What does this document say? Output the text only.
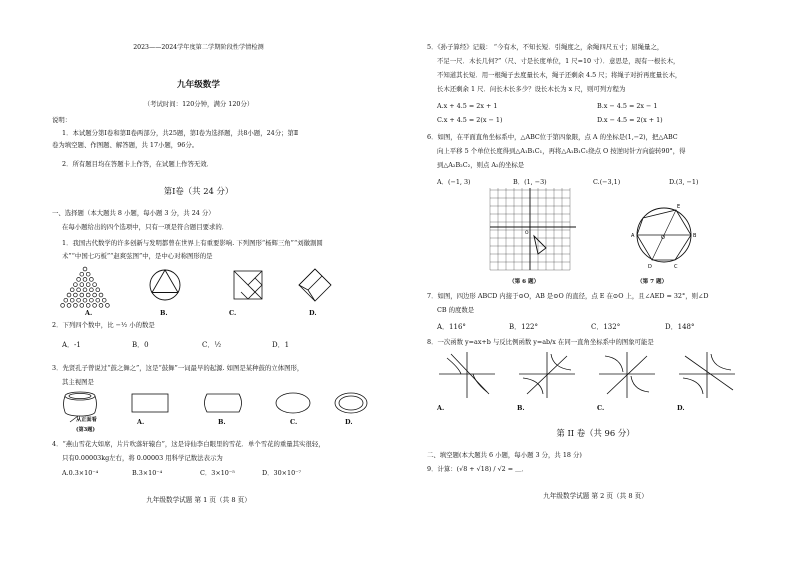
2023——2024学年度第二学期阶段性学情检测
九年级数学
（考试时间：120分钟，满分 120分）
说明：
1．本试题分第Ⅰ卷和第Ⅱ卷两部分，共25题，第Ⅰ卷为选择题，共8小题，24分；第Ⅱ
卷为填空题、作图题、解答题，共 17小题，96分。
2．所有题目均在答题卡上作答，在试题上作答无效．
第Ⅰ卷（共 24 分）
一、选择题（本大题共 8 小题，每小题 3 分，共 24 分）
在每小题给出的四个选项中，只有一项是符合题目要求的．
1．我国古代数学的许多创新与发明都曾在世界上有重要影响. 下列图形“杨辉三角”“刘徽割圆
术”“中国七巧板”“赵爽弦图”中，是中心对称图形的是
A.	B.	C.	D.
2．下列四个数中，比 −½ 小的数是
A．-1	B．0	C．½	D．1
3．先贤孔子曾说过“鼓之舞之”，这是“鼓舞”一词最早的起源. 如图是某种鼓的立体图形，
其主视图是
从正面看
(第3题)
A.	B.	C.	D.
4．“燕山雪花大如席，片片吹落轩辕台”，这是诗仙李白眼里的雪花．单个雪花的重量其实很轻，
只有0.00003kg左右，将 0.00003 用科学记数法表示为
A.0.3×10⁻⁴	B.3×10⁻⁴	C．3×10⁻⁵	D．30×10⁻⁷
九年级数学试题 第 1 页（共 8 页）
5．《孙子算经》记载： “今有木，不知长短．引绳度之，余绳四尺五寸；屈绳量之，
不足一尺．木长几何?”（尺、寸是长度单位，1 尺=10 寸）．意思是，现有一根长木，
不知道其长短．用一根绳子去度量长木，绳子还剩余 4.5 尺；将绳子对折再度量长木，
长木还剩余 1 尺．问长木长多少？设长木长为 x 尺，则可列方程为
A.x + 4.5 = 2x + 1	B.x − 4.5 = 2x − 1
C.x + 4.5 = 2(x − 1)	D.x − 4.5 = 2(x + 1)
6．如图，在平面直角坐标系中，△ABC位于第四象限，点 A 的坐标是(1,−2)，把△ABC
向上平移 5 个单位长度得到△A₁B₁C₁，再将△A₁B₁C₁绕点 O 按逆时针方向旋转90°，得
到△A₂B₂C₂，则点 A₂的坐标是
A．(−1, 3)	B．(1, −3)	C.(−3,1)	D.(3, −1)
O
（第 6 题）
A	B
O
E
D	C
（第 7 题）
7．如图，四边形 ABCD 内接于⊙O，AB 是⊙O 的直径，点 E 在⊙O 上，且∠AED = 32°，则∠D
CB 的度数是
A．116°	B．122°	C．132°	D．148°
8．一次函数 y=ax+b 与反比例函数 y=ab/x 在同一直角坐标系中的图象可能是
A.	B.	C.	D.
第 II 卷（共 96 分）
二、填空题(本大题共 6 小题，每小题 3 分，共 18 分)
9．计算：(√8 + √18) / √2 = ＿．
九年级数学试题 第 2 页（共 8 页）
